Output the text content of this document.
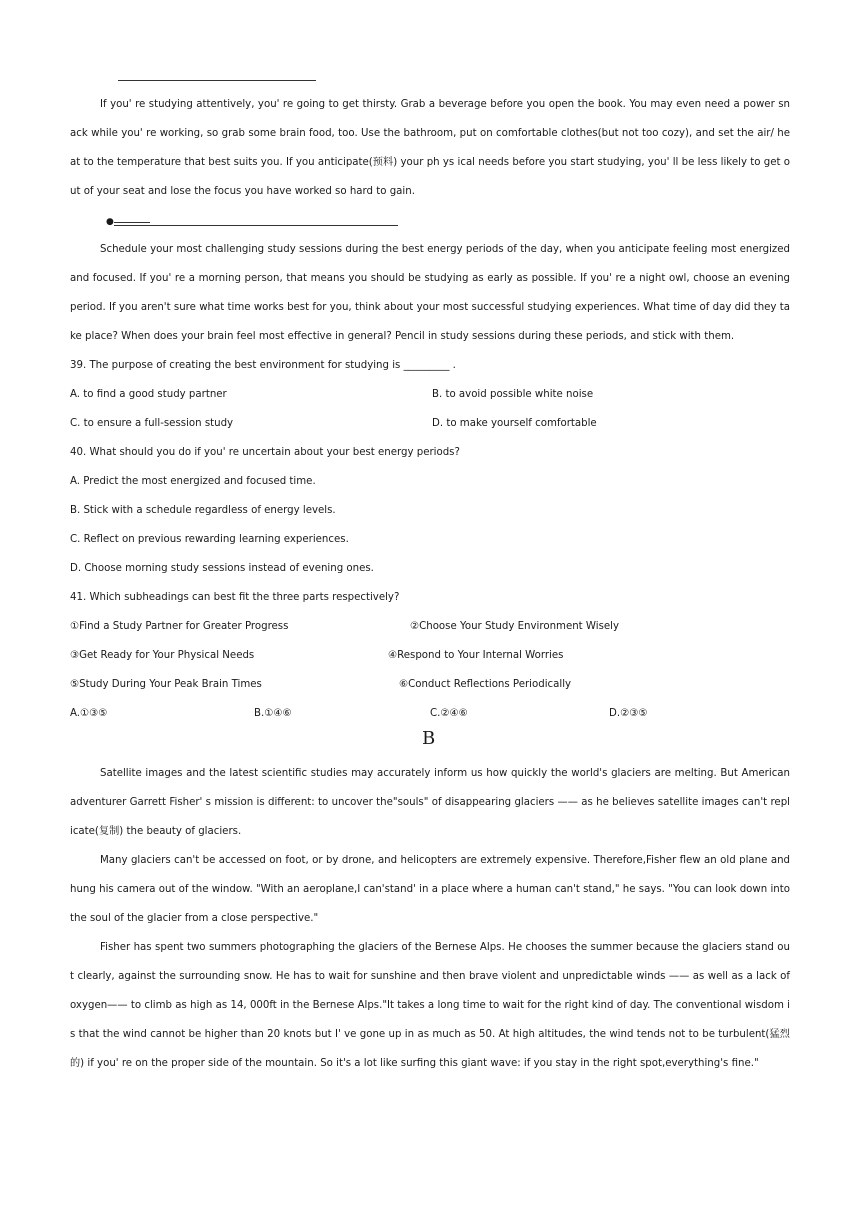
If you' re studying attentively, you' re going to get thirsty. Grab a beverage before you open the book. You may even need a power snack while you' re working, so grab some brain food, too. Use the bathroom, put on comfortable clothes(but not too cozy), and set the air/ heat to the temperature that best suits you. If you anticipate(预料) your ph ys ical needs before you start studying, you' ll be less likely to get out of your seat and lose the focus you have worked so hard to gain.
●
Schedule your most challenging study sessions during the best energy periods of the day, when you anticipate feeling most energized and focused. If you' re a morning person, that means you should be studying as early as possible. If you' re a night owl, choose an evening period. If you aren't sure what time works best for you, think about your most successful studying experiences. What time of day did they take place? When does your brain feel most effective in general? Pencil in study sessions during these periods, and stick with them.
39. The purpose of creating the best environment for studying is _________ .
A. to find a good study partner	B. to avoid possible white noise
C. to ensure a full-session study	D. to make yourself comfortable
40. What should you do if you' re uncertain about your best energy periods?
A. Predict the most energized and focused time.
B. Stick with a schedule regardless of energy levels.
C. Reflect on previous rewarding learning experiences.
D. Choose morning study sessions instead of evening ones.
41. Which subheadings can best fit the three parts respectively?
①Find a Study Partner for Greater Progress	②Choose Your Study Environment Wisely
③Get Ready for Your Physical Needs	④Respond to Your Internal Worries
⑤Study During Your Peak Brain Times	⑥Conduct Reflections Periodically
A.①③⑤	B.①④⑥	C.②④⑥	D.②③⑤
B
Satellite images and the latest scientific studies may accurately inform us how quickly the world's glaciers are melting. But American adventurer Garrett Fisher' s mission is different: to uncover the"souls" of disappearing glaciers —— as he believes satellite images can't replicate(复制) the beauty of glaciers.
Many glaciers can't be accessed on foot, or by drone, and helicopters are extremely expensive. Therefore,Fisher flew an old plane and hung his camera out of the window. "With an aeroplane,I can'stand' in a place where a human can't stand," he says. "You can look down into the soul of the glacier from a close perspective."
Fisher has spent two summers photographing the glaciers of the Bernese Alps. He chooses the summer because the glaciers stand out clearly, against the surrounding snow. He has to wait for sunshine and then brave violent and unpredictable winds —— as well as a lack of oxygen—— to climb as high as 14, 000ft in the Bernese Alps."It takes a long time to wait for the right kind of day. The conventional wisdom is that the wind cannot be higher than 20 knots but I' ve gone up in as much as 50. At high altitudes, the wind tends not to be turbulent(猛烈的) if you' re on the proper side of the mountain. So it's a lot like surfing this giant wave: if you stay in the right spot,everything's fine."
